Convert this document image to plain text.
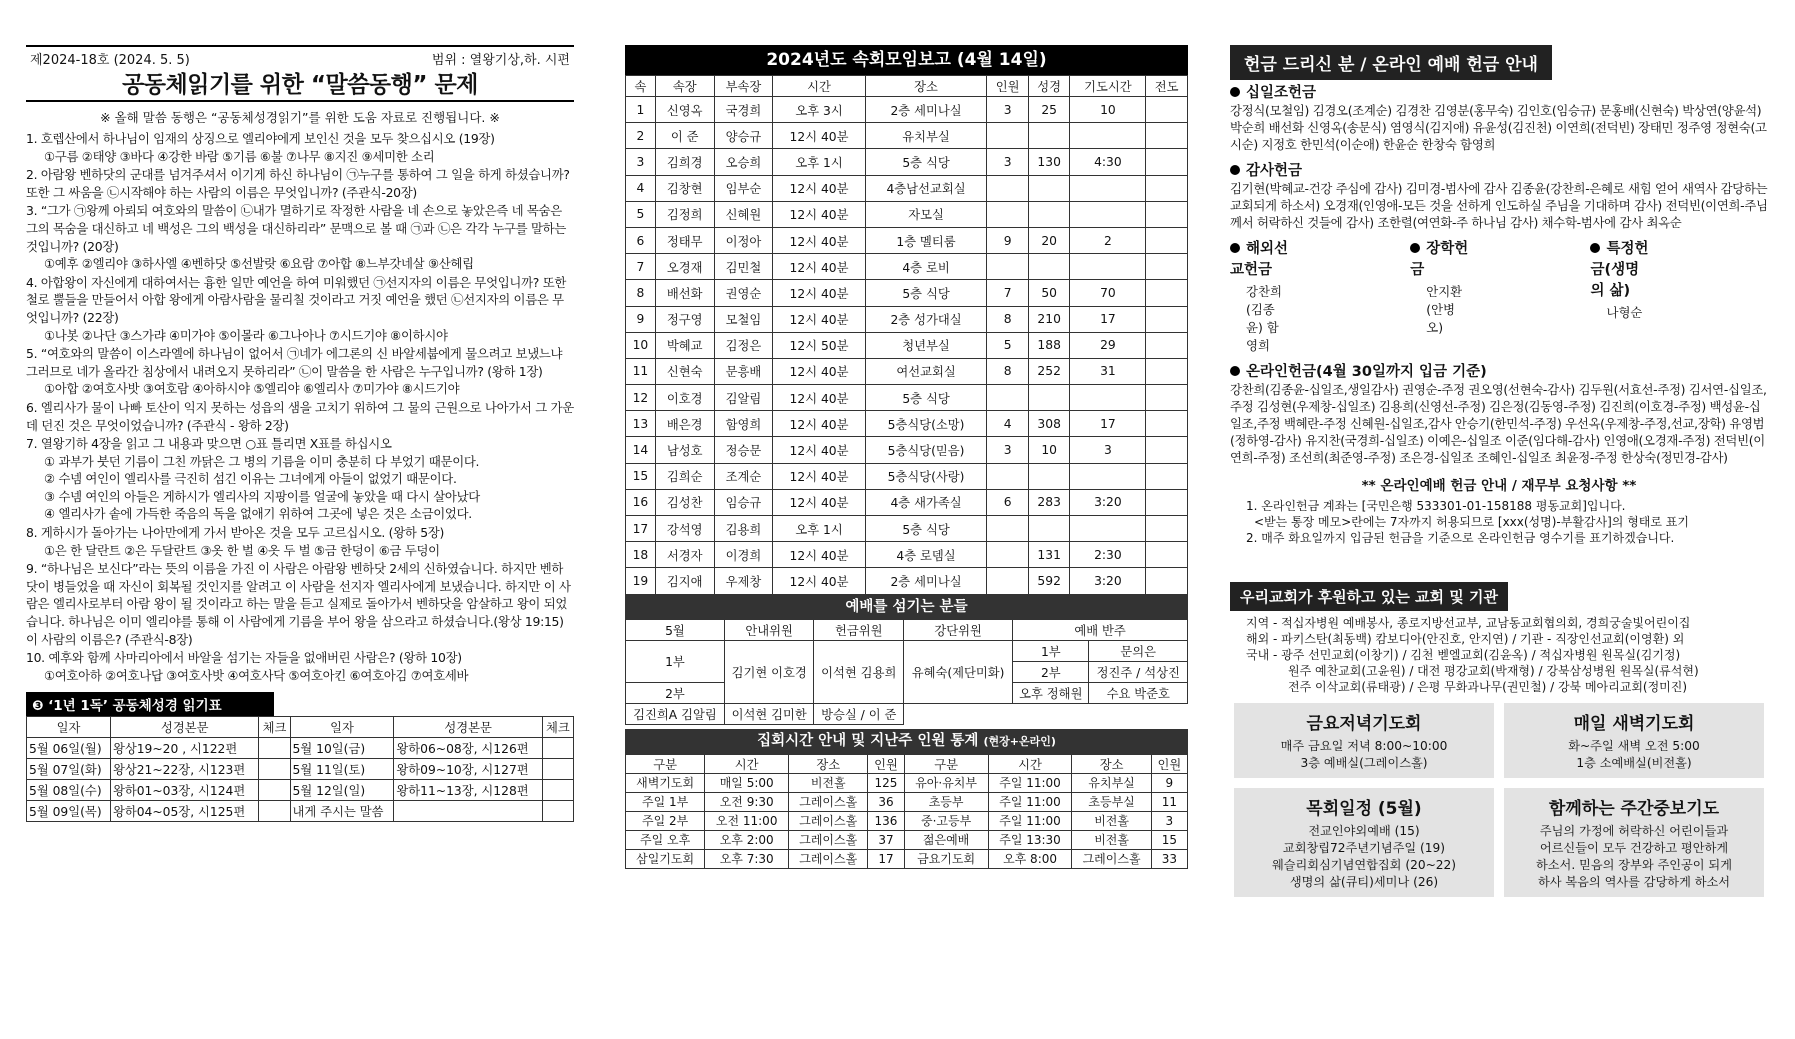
제2024-18호 (2024. 5. 5)	범위 : 열왕기상,하. 시편
공동체읽기를 위한 “말씀동행” 문제
※ 올해 말씀 동행은 “공동체성경읽기”를 위한 도움 자료로 진행됩니다. ※
1. 호렙산에서 하나님이 임재의 상징으로 엘리야에게 보인신 것을 모두 찾으십시오 (19장)
①구름 ②태양 ③바다 ④강한 바람 ⑤기름 ⑥불 ⑦나무 ⑧지진 ⑨세미한 소리
2. 아람왕 벤하닷의 군대를 넘겨주셔서 이기게 하신 하나님이 ㉠누구를 통하여 그 일을 하게 하셨습니까? 또한 그 싸움을 ㉡시작해야 하는 사람의 이름은 무엇입니까? (주관식-20장)
3. “그가 ㉠왕께 아뢰되 여호와의 말씀이 ㉡내가 멸하기로 작정한 사람을 네 손으로 놓았은즉 네 목숨은 그의 목숨을 대신하고 네 백성은 그의 백성을 대신하리라” 문맥으로 볼 때 ㉠과 ㉡은 각각 누구를 말하는 것입니까? (20장)
①예후 ②엘리야 ③하사엘 ④벤하닷 ⑤선발랏 ⑥요람 ⑦아합 ⑧느부갓네살 ⑨산헤립
4. 아합왕이 자신에게 대하여서는 흉한 일만 예언을 하여 미워했던 ㉠선지자의 이름은 무엇입니까? 또한 철로 뿔들을 만들어서 아합 왕에게 아람사람을 물리칠 것이라고 거짓 예언을 했던 ㉡선지자의 이름은 무엇입니까? (22장)
①나봇 ②나단 ③스가랴 ④미가야 ⑤이몰라 ⑥그나아나 ⑦시드기야 ⑧이하시야
5. “여호와의 말씀이 이스라엘에 하나님이 없어서 ㉠네가 에그론의 신 바알세붑에게 물으려고 보냈느냐 그러므로 네가 올라간 침상에서 내려오지 못하리라” ㉡이 말씀을 한 사람은 누구입니까? (왕하 1장)
①아합 ②여호사밧 ③여호람 ④아하시야 ⑤엘리야 ⑥엘리사 ⑦미가야 ⑧시드기야
6. 엘리사가 물이 나빠 토산이 익지 못하는 성읍의 샘을 고치기 위하여 그 물의 근원으로 나아가서 그 가운데 던진 것은 무엇이었습니까? (주관식 - 왕하 2장)
7. 열왕기하 4장을 읽고 그 내용과 맞으면 ○표 틀리면 X표를 하십시오
① 과부가 붓던 기름이 그친 까닭은 그 병의 기름을 이미 충분히 다 부었기 때문이다.
② 수넴 여인이 엘리사를 극진히 섬긴 이유는 그녀에게 아들이 없었기 때문이다.
③ 수넴 여인의 아들은 게하시가 엘리사의 지팡이를 얼굴에 놓았을 때 다시 살아났다
④ 엘리사가 솥에 가득한 죽음의 독을 없애기 위하여 그곳에 넣은 것은 소금이었다.
8. 게하시가 돌아가는 나아만에게 가서 받아온 것을 모두 고르십시오. (왕하 5장)
①은 한 달란트 ②은 두달란트 ③옷 한 벌 ④옷 두 벌 ⑤금 한덩이 ⑥금 두덩이
9. “하나님은 보신다”라는 뜻의 이름을 가진 이 사람은 아람왕 벤하닷 2세의 신하였습니다. 하지만 벤하닷이 병들었을 때 자신이 회복될 것인지를 알려고 이 사람을 선지자 엘리사에게 보냈습니다. 하지만 이 사람은 엘리사로부터 아람 왕이 될 것이라고 하는 말을 듣고 실제로 돌아가서 벤하닷을 암살하고 왕이 되었습니다. 하나님은 이미 엘리야를 통해 이 사람에게 기름을 부어 왕을 삼으라고 하셨습니다.(왕상 19:15) 이 사람의 이름은? (주관식-8장)
10. 예후와 함께 사마리아에서 바알을 섬기는 자들을 없애버린 사람은? (왕하 10장)
①여호아하 ②여호나답 ③여호사밧 ④여호사닥 ⑤여호아킨 ⑥여호아김 ⑦여호세바
❸ ‘1년 1독’ 공동체성경 읽기표
일자	성경본문	체크	일자	성경본문	체크
5월 06일(월)	왕상19~20 , 시122편		5월 10일(금)	왕하06~08장, 시126편	
5월 07일(화)	왕상21~22장, 시123편		5월 11일(토)	왕하09~10장, 시127편	
5월 08일(수)	왕하01~03장, 시124편		5월 12일(일)	왕하11~13장, 시128편	
5월 09일(목)	왕하04~05장, 시125편		내게 주시는 말씀		
2024년도 속회모임보고 (4월 14일)
속	속장	부속장	시간	장소	인원	성경	기도시간	전도
1	신영옥	국경희	오후 3시	2층 세미나실	3	25	10	
2	이 준	양승규	12시 40분	유치부실				
3	김희경	오승희	오후 1시	5층 식당	3	130	4:30	
4	김창현	임부순	12시 40분	4층남선교회실				
5	김정희	신혜원	12시 40분	자모실				
6	정태무	이정아	12시 40분	1층 멜티룸	9	20	2	
7	오경재	김민철	12시 40분	4층 로비				
8	배선화	권영순	12시 40분	5층 식당	7	50	70	
9	정구영	모철임	12시 40분	2층 성가대실	8	210	17	
10	박혜교	김정은	12시 50분	청년부실	5	188	29	
11	신현숙	문흥배	12시 40분	여선교회실	8	252	31	
12	이호경	김알림	12시 40분	5층 식당				
13	배은경	함영희	12시 40분	5층식당(소망)	4	308	17	
14	남성호	정승문	12시 40분	5층식당(믿음)	3	10	3	
15	김희순	조계순	12시 40분	5층식당(사랑)				
16	김성찬	임승규	12시 40분	4층 새가족실	6	283	3:20	
17	강석영	김용희	오후 1시	5층 식당				
18	서경자	이경희	12시 40분	4층 로뎀실		131	2:30	
19	김지애	우제창	12시 40분	2층 세미나실		592	3:20	
예배를 섬기는 분들
5월	안내위원	헌금위원	강단위원	예배 반주	
1부	김기현 이호경	이석현 김용희	유혜숙(제단미화)	1부	문의은
				2부	정진주 / 석상진
2부				오후 정해원	수요 박준호

김진희A 김알림	이석현 김미한	방승실 / 이 준			
집회시간 안내 및 지난주 인원 통계 (현장+온라인)
구분	시간	장소	인원	구분	시간	장소	인원
새벽기도회	매일 5:00	비전홀	125	유아·유치부	주일 11:00	유치부실	9
주일 1부	오전 9:30	그레이스홀	36	초등부	주일 11:00	초등부실	11
주일 2부	오전 11:00	그레이스홀	136	중·고등부	주일 11:00	비전홀	3
주일 오후	오후 2:00	그레이스홀	37	젊은예배	주일 13:30	비전홀	15
삼일기도회	오후 7:30	그레이스홀	17	금요기도회	오후 8:00	그레이스홀	33
헌금 드리신 분 / 온라인 예배 헌금 안내
십일조헌금
강정식(모철임) 김경오(조계순) 김경찬 김영분(홍무숙) 김인호(임승규) 문홍배(신현숙) 박상연(양윤석) 박순희 배선화 신영옥(송문식) 염영식(김지애) 유윤성(김진천) 이연희(전덕빈) 장태민 정주영 정현숙(고시순) 지정호 한민석(이순애) 한윤순 한창숙 함영희
감사헌금
김기현(박혜교-건강 주심에 감사) 김미경-범사에 감사 김종윤(강찬희-은혜로 새힘 얻어 새역사 감당하는 교회되게 하소서) 오경재(인영애-모든 것을 선하게 인도하실 주님을 기대하며 감사) 전덕빈(이연희-주님께서 허락하신 것들에 감사) 조한렬(여연화-주 하나님 감사) 채수학-범사에 감사 최옥순
해외선교헌금
강찬희(김종윤) 함영희
장학헌금
안지환(안병오)
특정헌금(생명의 삶)
나형순
온라인헌금(4월 30일까지 입금 기준)
강찬희(김종윤-십일조,생일감사) 권영순-주정 권오영(선현숙-감사) 김두원(서효선-주정) 김서연-십일조,주정 김성현(우제창-십일조) 김용희(신영선-주정) 김은정(김동영-주정) 김진희(이호경-주정) 백성윤-십일조,주정 백혜란-주정 신혜원-십일조,감사 안승기(한민석-주정) 우선옥(우제창-주정,선교,장학) 유영범(정하영-감사) 유지찬(국경희-십일조) 이예은-십일조 이준(임다해-감사) 인영애(오경재-주정) 전덕빈(이연희-주정) 조선희(최준영-주정) 조은경-십일조 조혜인-십일조 최윤정-주정 한상숙(정민경-감사)
** 온라인예배 헌금 안내 / 재무부 요청사항 **
1. 온라인헌금 계좌는 [국민은행 533301-01-158188 평동교회]입니다.
<받는 통장 메모>란에는 7자까지 허용되므로 [xxx(성명)-부활감사]의 형태로 표기
2. 매주 화요일까지 입금된 헌금을 기준으로 온라인헌금 영수기를 표기하겠습니다.
우리교회가 후원하고 있는 교회 및 기관
지역 - 적십자병원 예배봉사, 종로지방선교부, 교남동교회협의회, 경희궁술빛어린이집
해외 - 파키스탄(최동백) 캄보디아(안진호, 안지연) / 기관 - 직장인선교회(이영환) 외
국내 - 광주 선민교회(이창기) / 김천 벧엘교회(김윤옥) / 적십자병원 원목실(김기정)
원주 예찬교회(고윤원) / 대전 평강교회(박재형) / 강북삼성병원 원목실(류석현)
전주 이삭교회(류태광) / 은평 무화과나무(권민철) / 강북 메아리교회(정미진)
금요저녁기도회
매주 금요일 저녁 8:00~10:00
3층 예배실(그레이스홀)
매일 새벽기도회
화~주일 새벽 오전 5:00
1층 소예배실(비전홀)
목회일정 (5월)
전교인야외예배 (15)
교회창립72주년기념주일 (19)
웨슬리회심기념연합집회 (20~22)
생명의 삶(큐티)세미나 (26)
함께하는 주간중보기도
주님의 가정에 허락하신 어린이들과
어르신들이 모두 건강하고 평안하게
하소서. 믿음의 장부와 주인공이 되게
하사 복음의 역사를 감당하게 하소서
